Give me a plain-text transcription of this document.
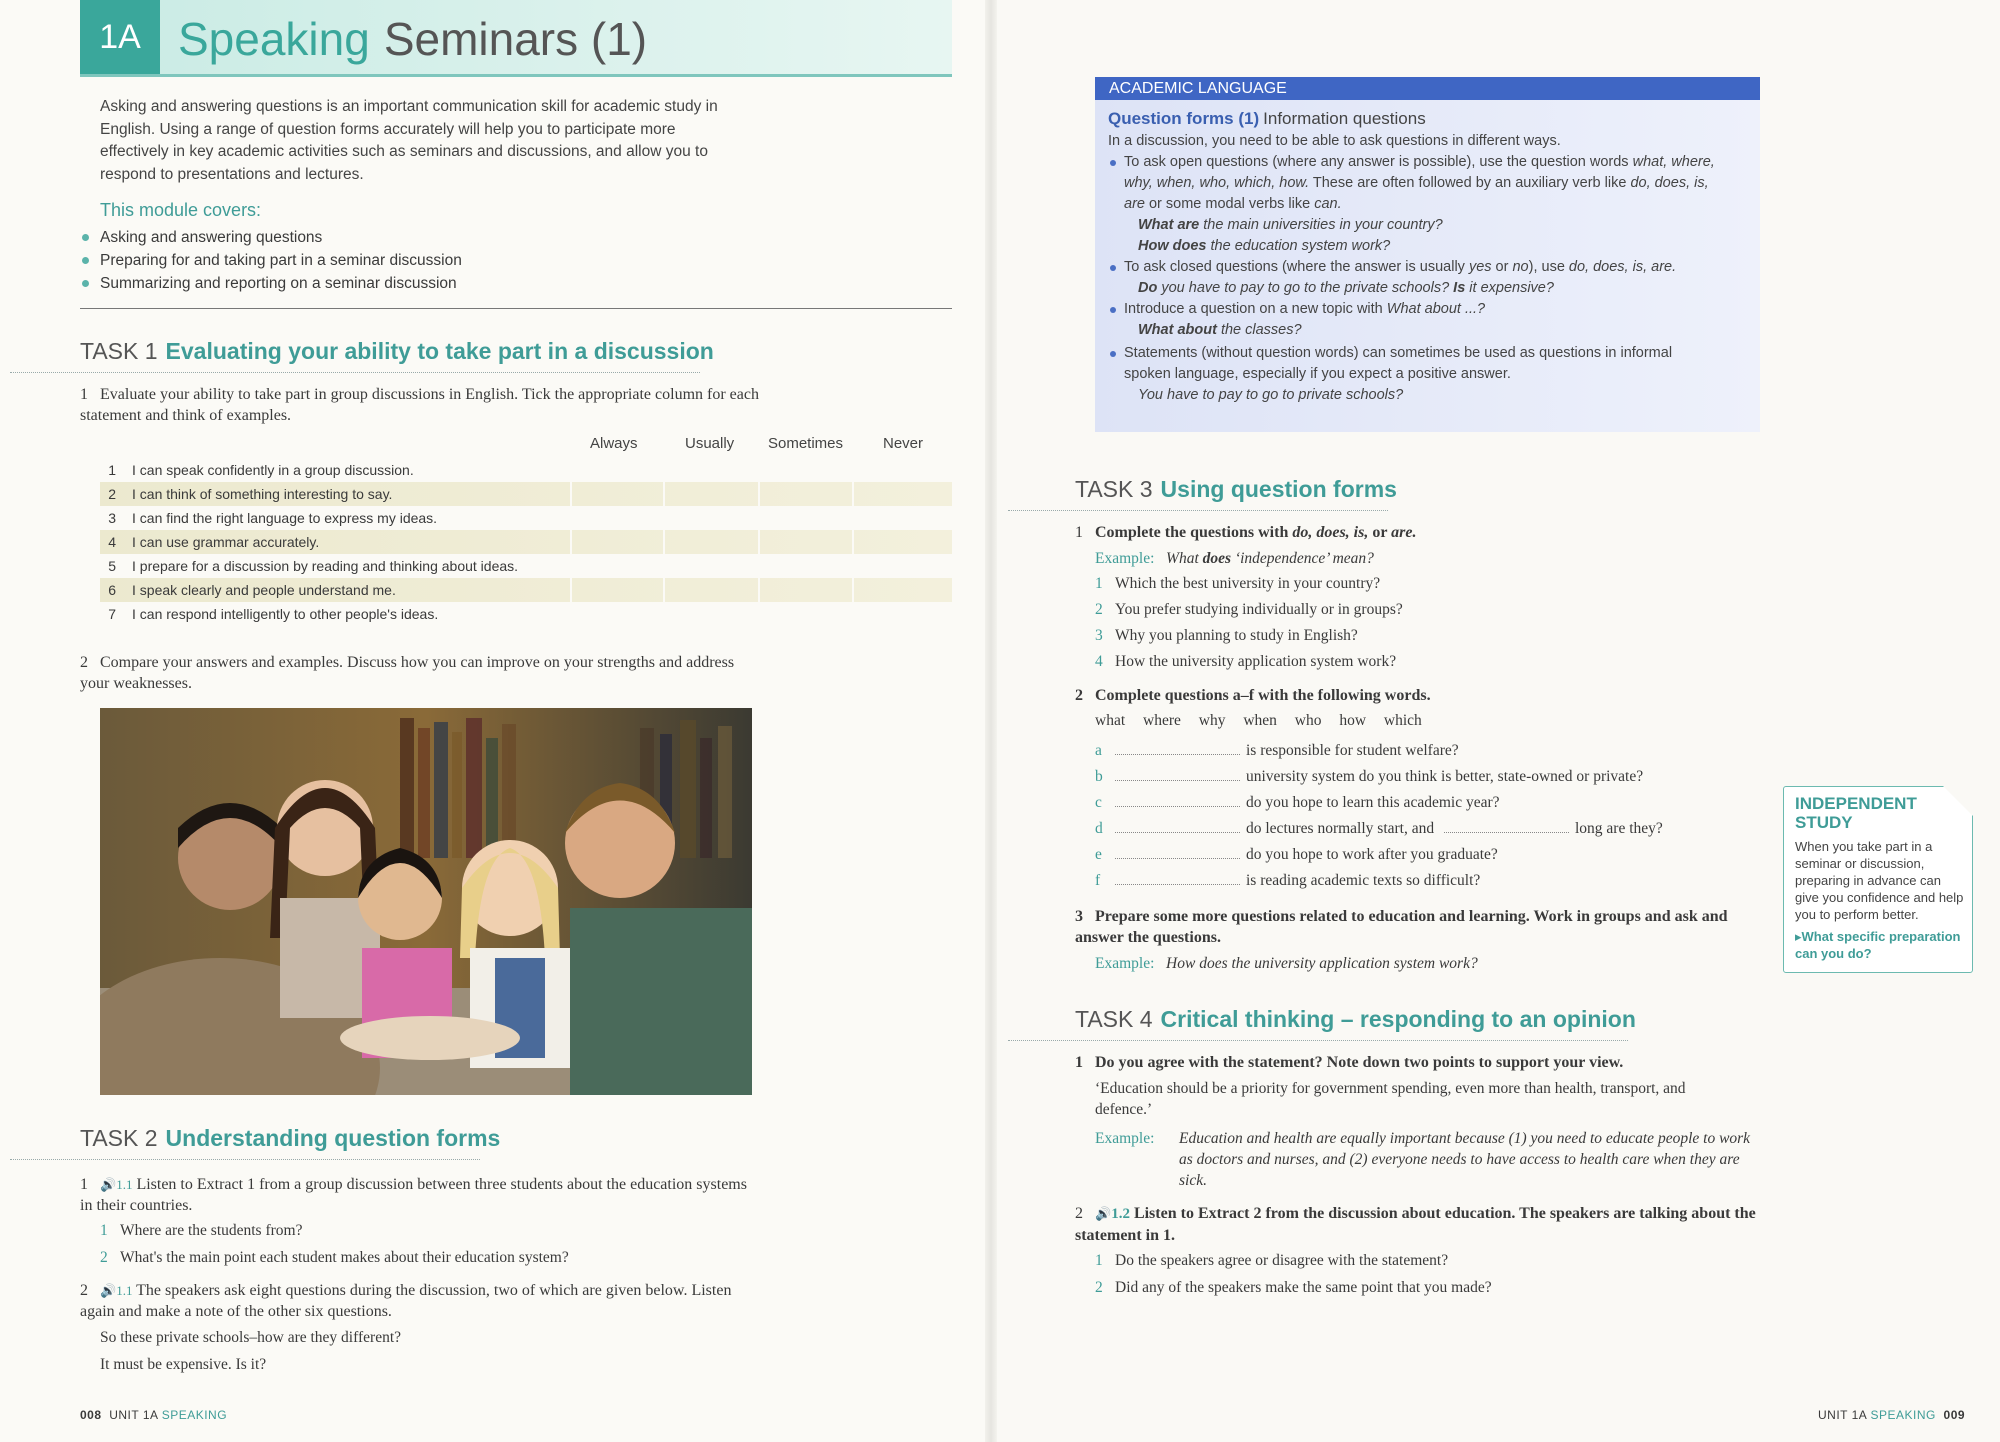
1A Speaking Seminars (1)
Asking and answering questions is an important communication skill for academic study in English. Using a range of question forms accurately will help you to participate more effectively in key academic activities such as seminars and discussions, and allow you to respond to presentations and lectures.
This module covers:
Asking and answering questions
Preparing for and taking part in a seminar discussion
Summarizing and reporting on a seminar discussion
TASK 1 Evaluating your ability to take part in a discussion
1 Evaluate your ability to take part in group discussions in English. Tick the appropriate column for each statement and think of examples.
Always	Usually Sometimes	Never
1 I can speak confidently in a group discussion.
2 I can think of something interesting to say.
3 I can find the right language to express my ideas.
4 I can use grammar accurately.
5 I prepare for a discussion by reading and thinking about ideas.
6 I speak clearly and people understand me.
7 I can respond intelligently to other people's ideas.
2 Compare your answers and examples. Discuss how you can improve on your strengths and address your weaknesses.
TASK 2 Understanding question forms
1 🔊1.1 Listen to Extract 1 from a group discussion between three students about the education systems in their countries.
1 Where are the students from?
2 What's the main point each student makes about their education system?
2 🔊1.1 The speakers ask eight questions during the discussion, two of which are given below. Listen again and make a note of the other six questions.
So these private schools–how are they different?
It must be expensive. Is it?
008 UNIT 1A SPEAKING
ACADEMIC LANGUAGE
Question forms (1) Information questions
In a discussion, you need to be able to ask questions in different ways.
To ask open questions (where any answer is possible), use the question words what, where,
why, when, who, which, how. These are often followed by an auxiliary verb like do, does, is,
are or some modal verbs like can.
What are the main universities in your country?
How does the education system work?
To ask closed questions (where the answer is usually yes or no), use do, does, is, are.
Do you have to pay to go to the private schools? Is it expensive?
Introduce a question on a new topic with What about ...?
What about the classes?
Statements (without question words) can sometimes be used as questions in informal
spoken language, especially if you expect a positive answer.
You have to pay to go to private schools?
TASK 3 Using question forms
1 Complete the questions with do, does, is, or are.
Example: What does ‘independence’ mean?
1 Which the best university in your country?
2 You prefer studying individually or in groups?
3 Why you planning to study in English?
4 How the university application system work?
2 Complete questions a–f with the following words.
what where why when who how which
a	is responsible for student welfare?
b	university system do you think is better, state-owned or private?
c	do you hope to learn this academic year?
d	do lectures normally start, and	long are they?
e	do you hope to work after you graduate?
f	is reading academic texts so difficult?
3 Prepare some more questions related to education and learning. Work in groups and ask and answer the questions.
Example: How does the university application system work?
INDEPENDENT STUDY
When you take part in a seminar or discussion, preparing in advance can give you confidence and help you to perform better.
▸What specific preparation can you do?
TASK 4 Critical thinking – responding to an opinion
1 Do you agree with the statement? Note down two points to support your view.
‘Education should be a priority for government spending, even more than health, transport, and defence.’
Example:	Education and health are equally important because (1) you need to educate people to work as doctors and nurses, and (2) everyone needs to have access to health care when they are sick.
2 🔊1.2 Listen to Extract 2 from the discussion about education. The speakers are talking about the statement in 1.
1 Do the speakers agree or disagree with the statement?
2 Did any of the speakers make the same point that you made?
UNIT 1A SPEAKING 009
